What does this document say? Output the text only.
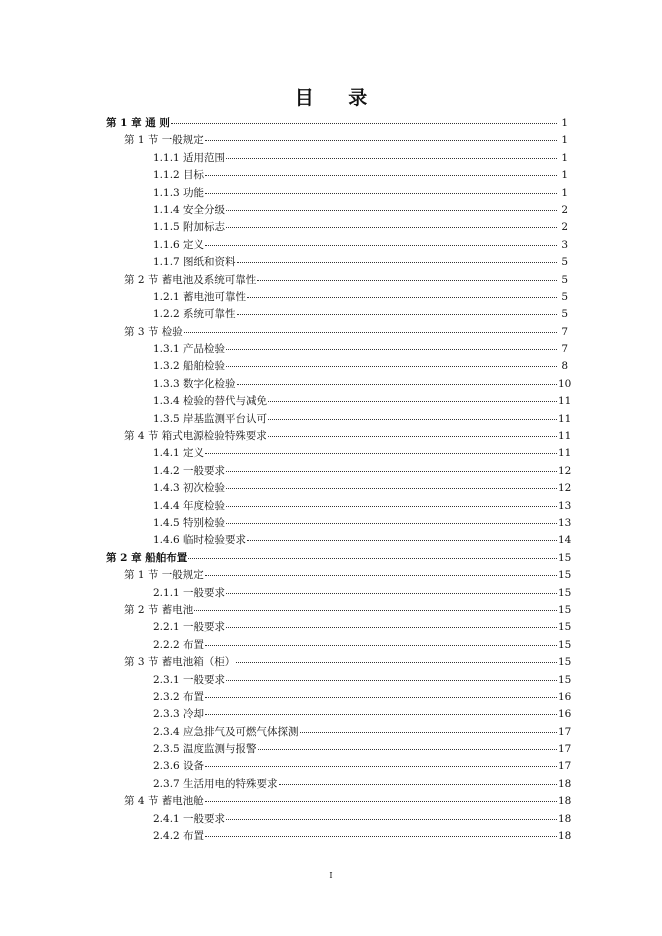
目 录
第 1 章 通 则	1
第 1 节 一般规定	1
1.1.1 适用范围	1
1.1.2 目标	1
1.1.3 功能	1
1.1.4 安全分级	2
1.1.5 附加标志	2
1.1.6 定义	3
1.1.7 图纸和资料	5
第 2 节 蓄电池及系统可靠性	5
1.2.1 蓄电池可靠性	5
1.2.2 系统可靠性	5
第 3 节 检验	7
1.3.1 产品检验	7
1.3.2 船舶检验	8
1.3.3 数字化检验	10
1.3.4 检验的替代与减免	11
1.3.5 岸基监测平台认可	11
第 4 节 箱式电源检验特殊要求	11
1.4.1 定义	11
1.4.2 一般要求	12
1.4.3 初次检验	12
1.4.4 年度检验	13
1.4.5 特别检验	13
1.4.6 临时检验要求	14
第 2 章 船舶布置	15
第 1 节 一般规定	15
2.1.1 一般要求	15
第 2 节 蓄电池	15
2.2.1 一般要求	15
2.2.2 布置	15
第 3 节 蓄电池箱（柜）	15
2.3.1 一般要求	15
2.3.2 布置	16
2.3.3 冷却	16
2.3.4 应急排气及可燃气体探测	17
2.3.5 温度监测与报警	17
2.3.6 设备	17
2.3.7 生活用电的特殊要求	18
第 4 节 蓄电池舱	18
2.4.1 一般要求	18
2.4.2 布置	18
I
